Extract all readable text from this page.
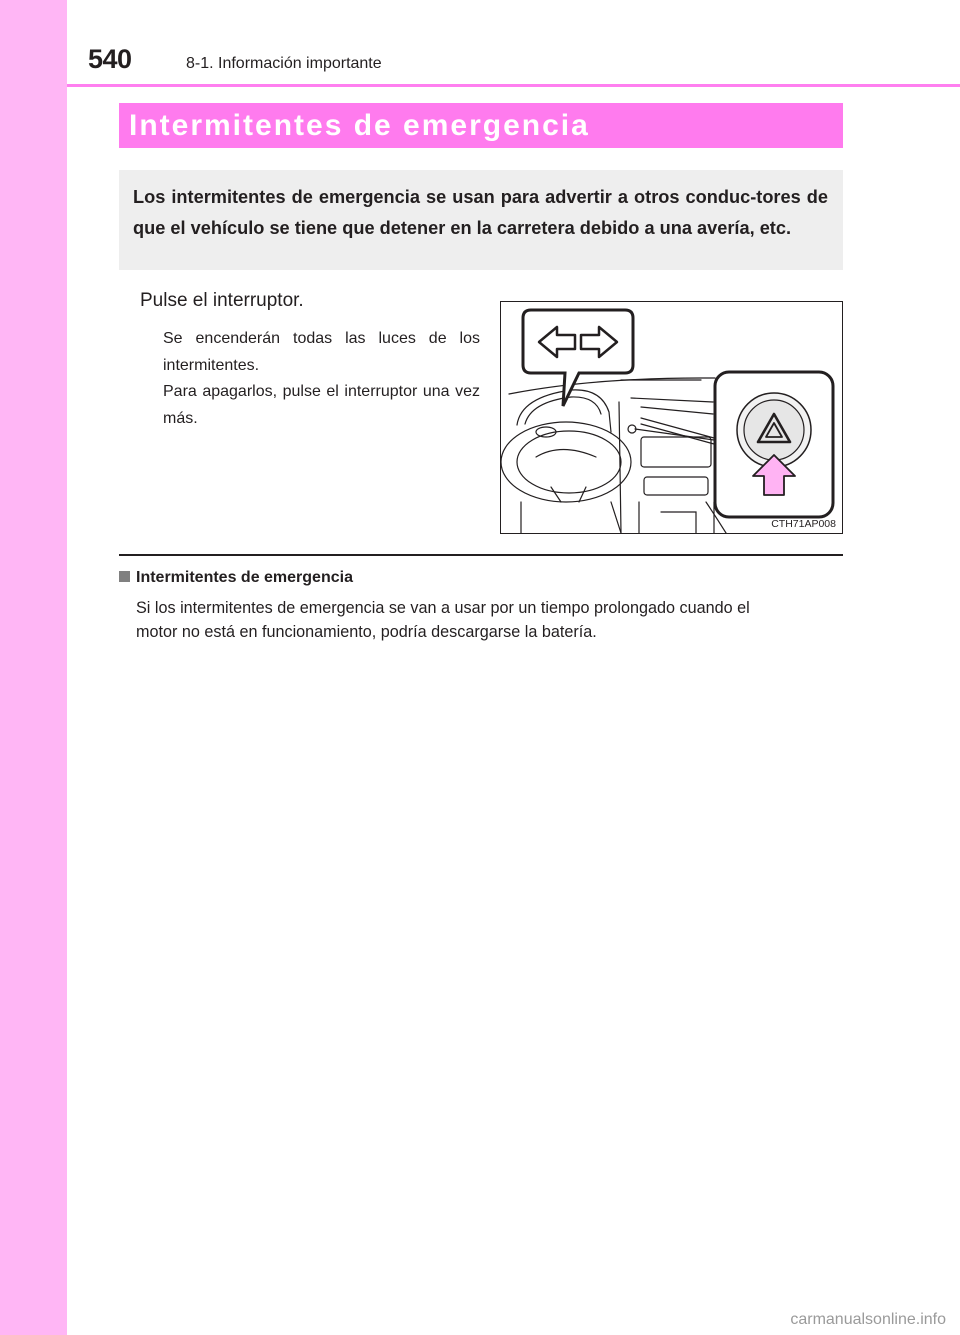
540	8-1. Información importante
Intermitentes de emergencia

Los intermitentes de emergencia se usan para advertir a otros conduc-tores de que el vehículo se tiene que detener en la carretera debido a una avería, etc.

Pulse el interruptor.

Se encenderán todas las luces de los intermitentes.
Para apagarlos, pulse el interruptor una vez más.

CTH71AP008
Intermitentes de emergencia

Si los intermitentes de emergencia se van a usar por un tiempo prolongado cuando el
motor no está en funcionamiento, podría descargarse la batería.

carmanualsonline.info
